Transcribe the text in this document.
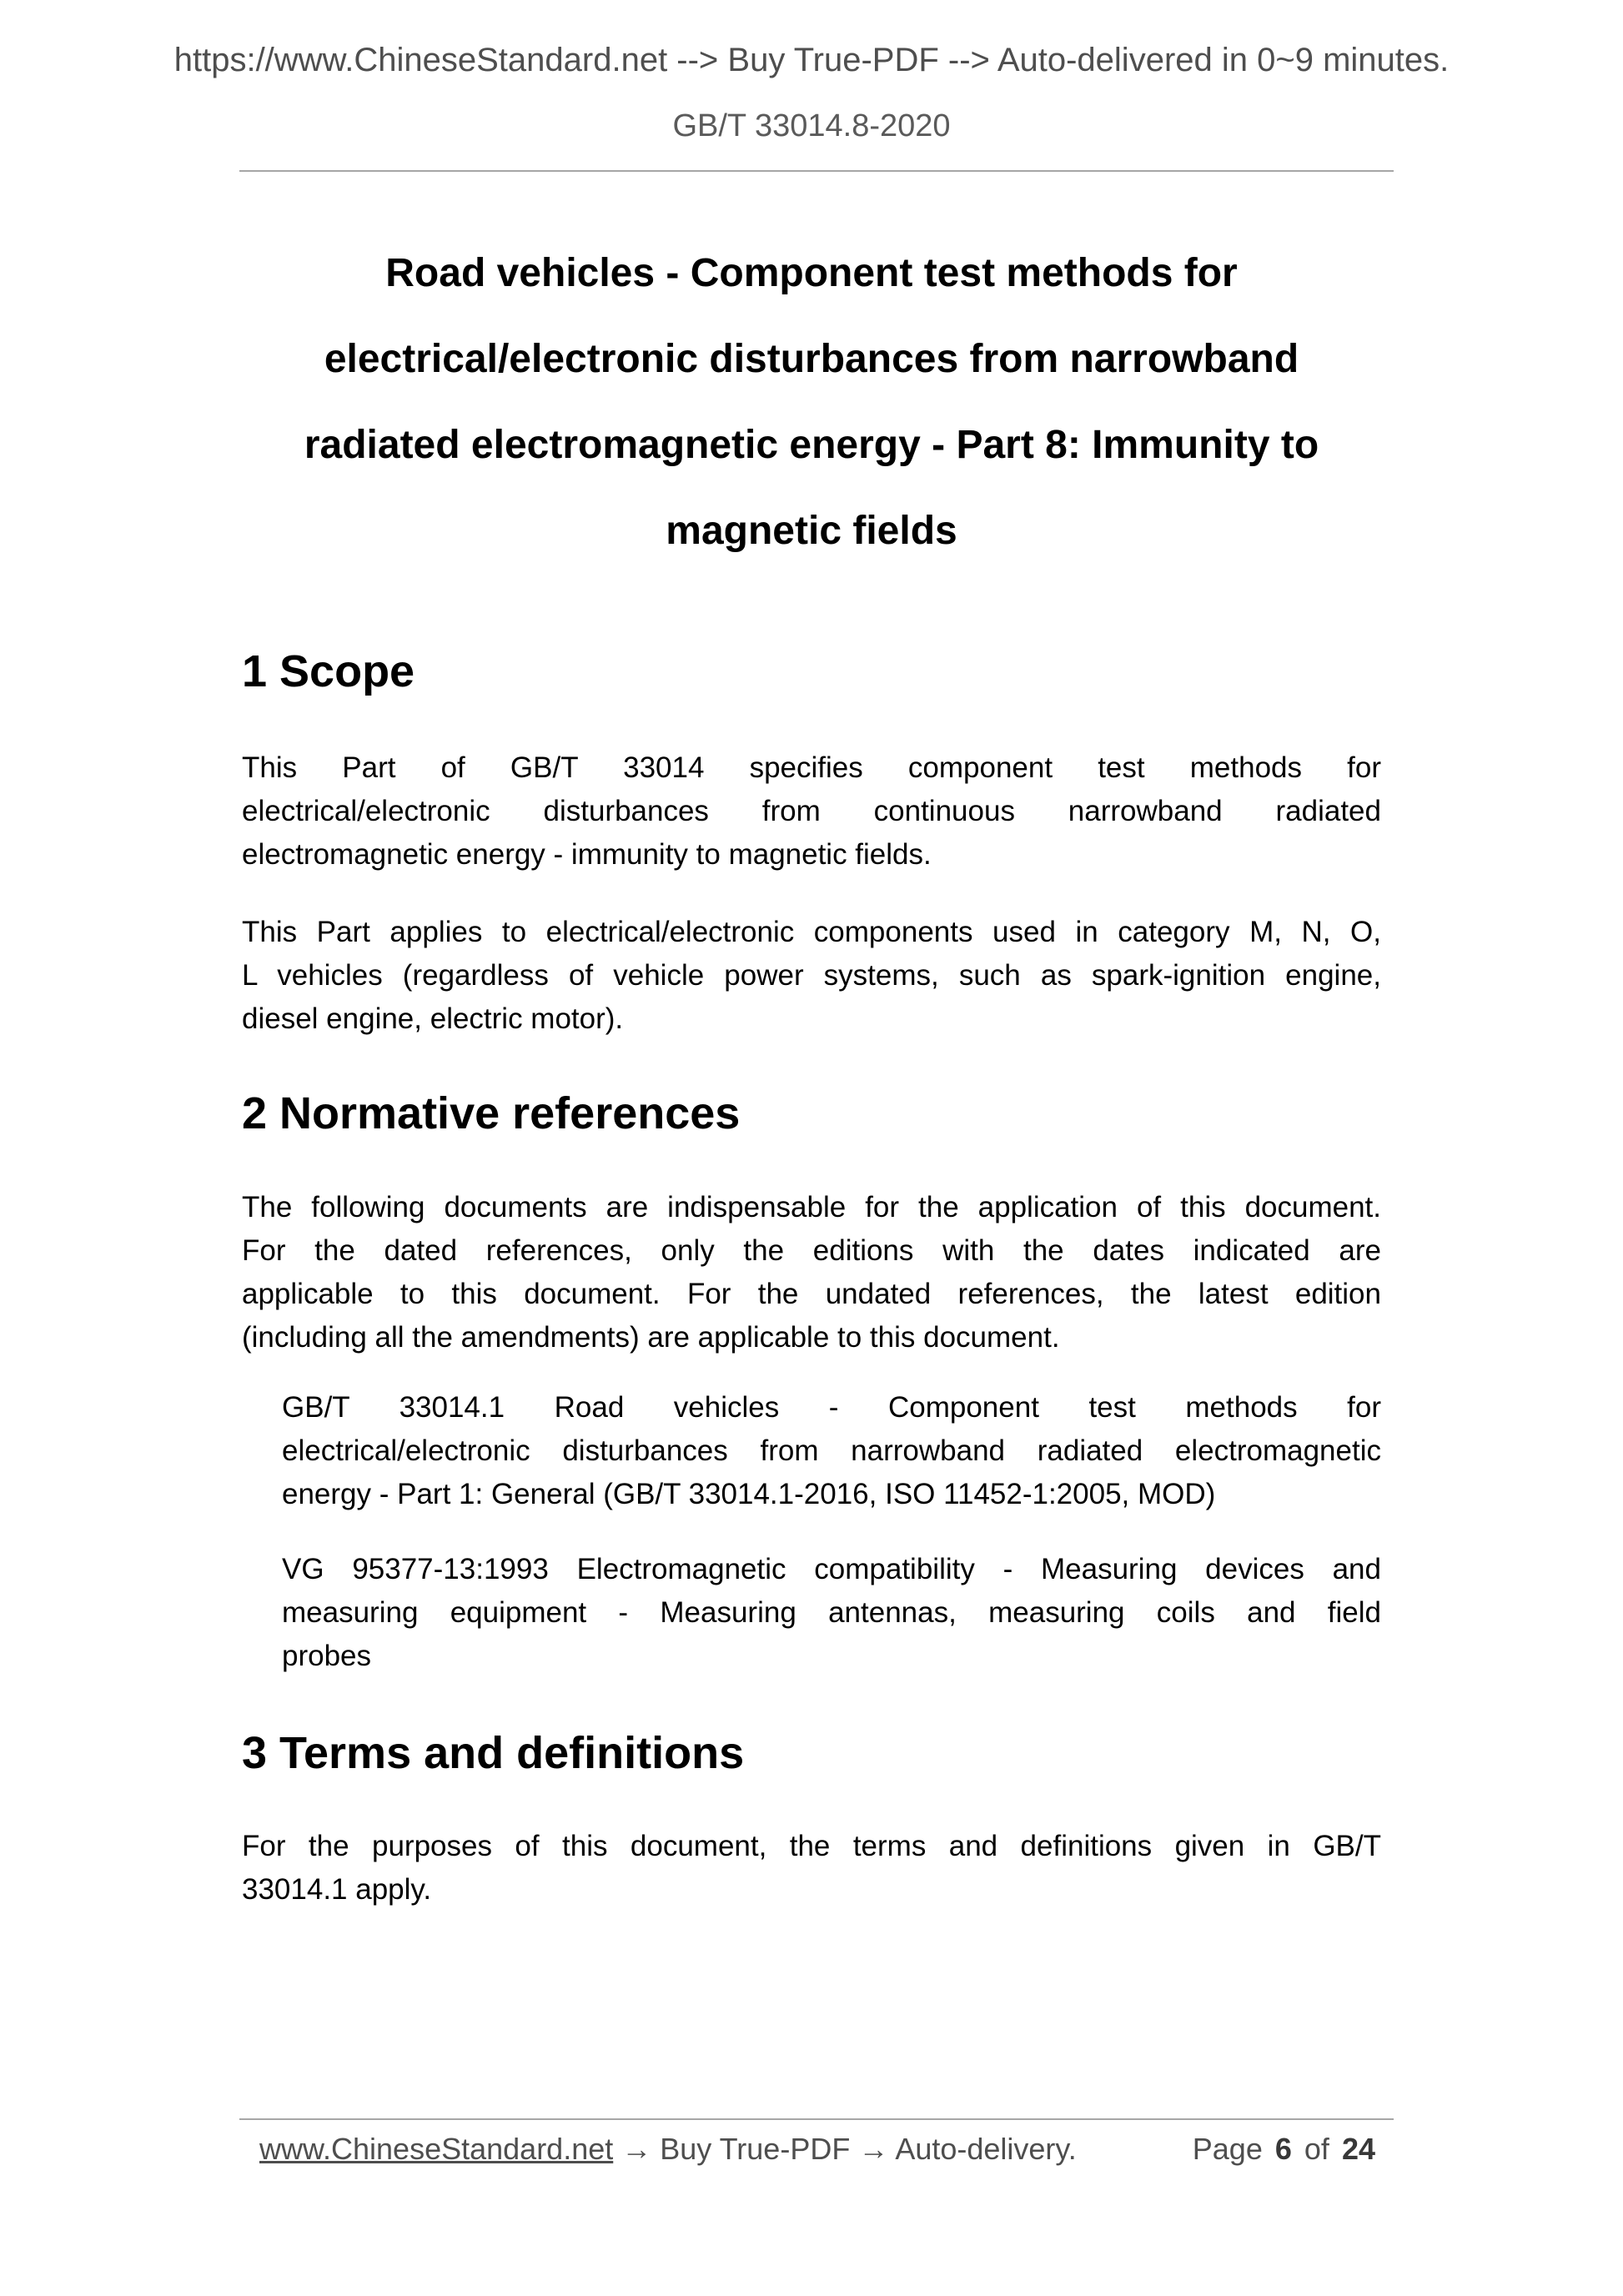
https://www.ChineseStandard.net --> Buy True-PDF --> Auto-delivered in 0~9 minutes.
GB/T 33014.8-2020
Road vehicles - Component test methods for
electrical/electronic disturbances from narrowband
radiated electromagnetic energy - Part 8: Immunity to
magnetic fields
1 Scope
This Part of GB/T 33014 specifies component test methods for
electrical/electronic disturbances from continuous narrowband radiated
electromagnetic energy - immunity to magnetic fields.
This Part applies to electrical/electronic components used in category M, N, O,
L vehicles (regardless of vehicle power systems, such as spark-ignition engine,
diesel engine, electric motor).
2 Normative references
The following documents are indispensable for the application of this document.
For the dated references, only the editions with the dates indicated are
applicable to this document. For the undated references, the latest edition
(including all the amendments) are applicable to this document.
GB/T 33014.1 Road vehicles - Component test methods for
electrical/electronic disturbances from narrowband radiated electromagnetic
energy - Part 1: General (GB/T 33014.1-2016, ISO 11452-1:2005, MOD)
VG 95377-13:1993 Electromagnetic compatibility - Measuring devices and
measuring equipment - Measuring antennas, measuring coils and field
probes
3 Terms and definitions
For the purposes of this document, the terms and definitions given in GB/T
33014.1 apply.
www.ChineseStandard.net → Buy True-PDF → Auto-delivery.	Page 6 of 24
